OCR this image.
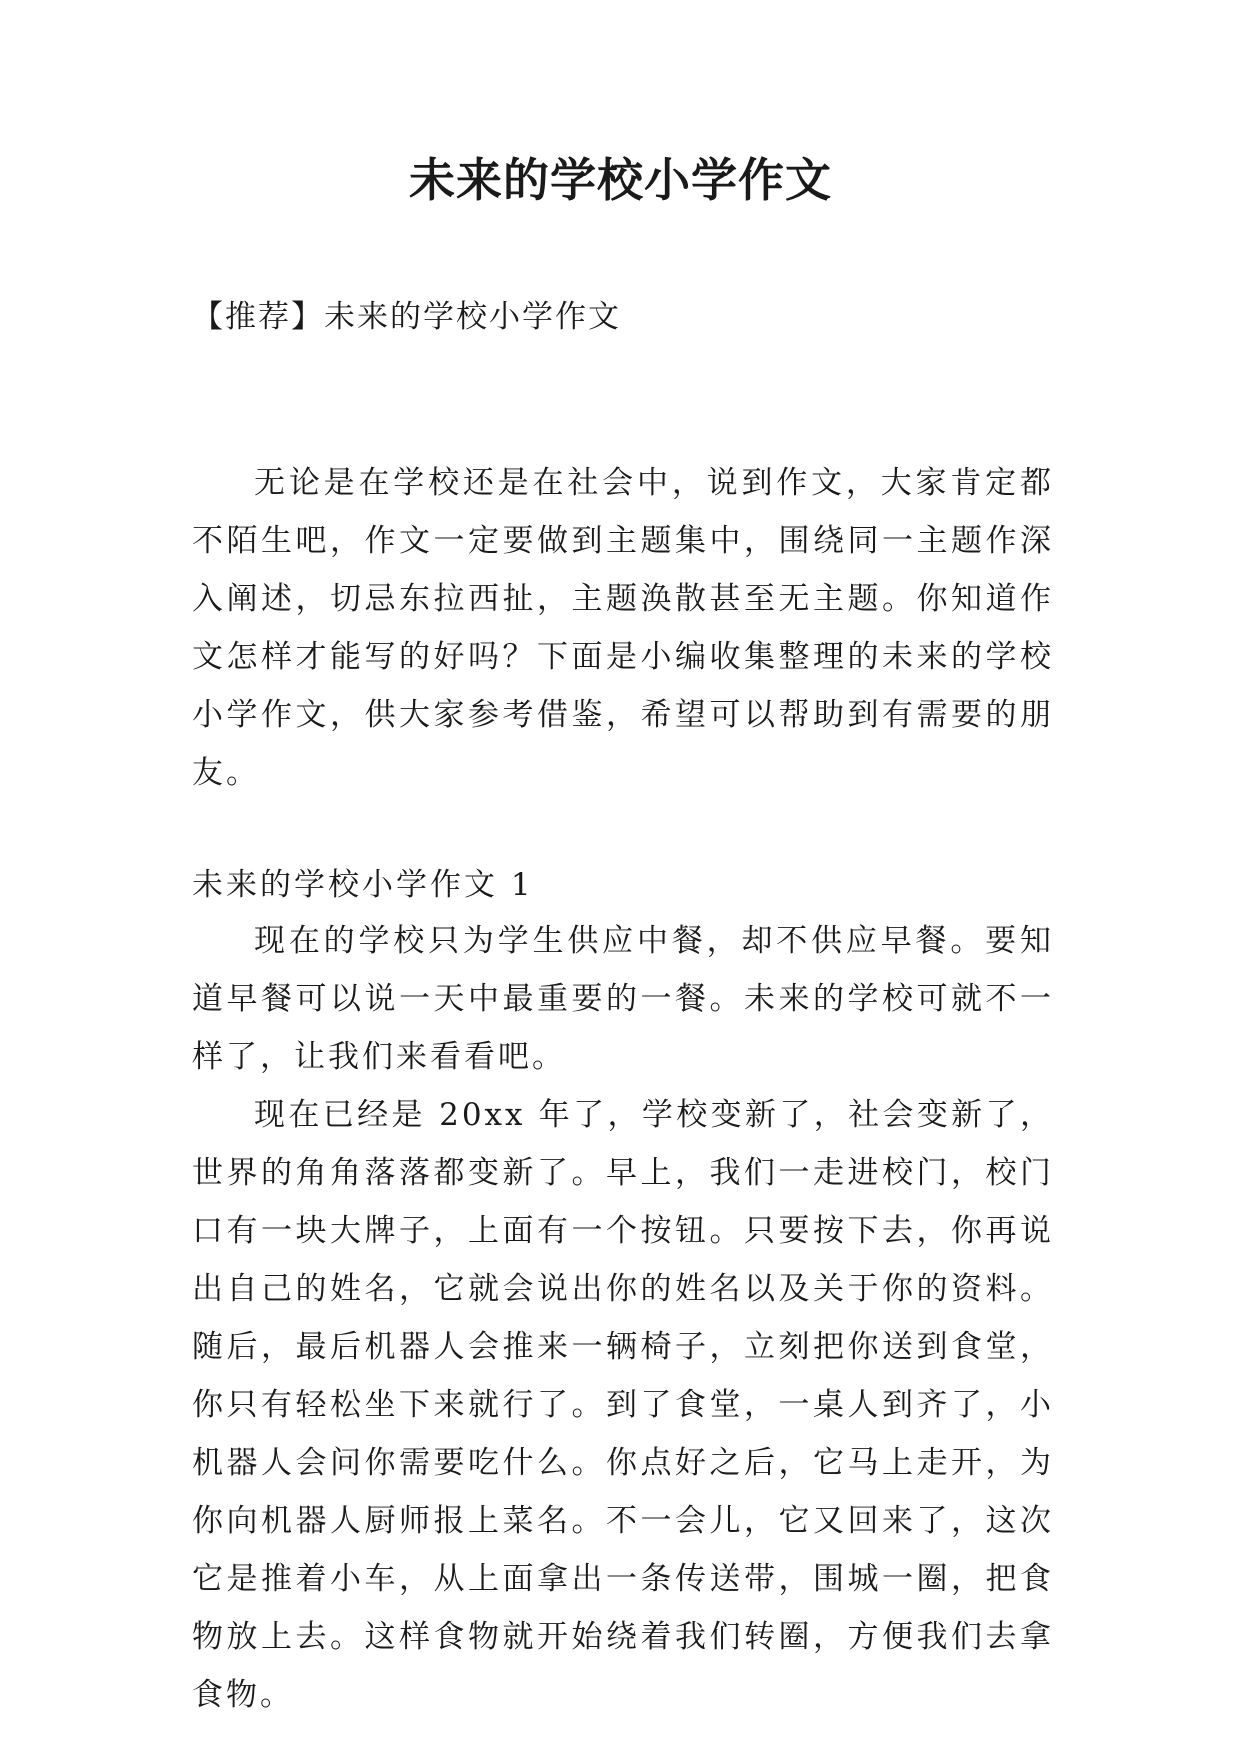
未来的学校小学作文

【推荐】未来的学校小学作文

无论是在学校还是在社会中，说到作文，大家肯定都不陌生吧，作文一定要做到主题集中，围绕同一主题作深入阐述，切忌东拉西扯，主题涣散甚至无主题。你知道作文怎样才能写的好吗？下面是小编收集整理的未来的学校小学作文，供大家参考借鉴，希望可以帮助到有需要的朋友。

未来的学校小学作文 1

现在的学校只为学生供应中餐，却不供应早餐。要知道早餐可以说一天中最重要的一餐。未来的学校可就不一样了，让我们来看看吧。

现在已经是 20xx 年了，学校变新了，社会变新了，世界的角角落落都变新了。早上，我们一走进校门，校门口有一块大牌子，上面有一个按钮。只要按下去，你再说出自己的姓名，它就会说出你的姓名以及关于你的资料。随后，最后机器人会推来一辆椅子，立刻把你送到食堂，你只有轻松坐下来就行了。到了食堂，一桌人到齐了，小机器人会问你需要吃什么。你点好之后，它马上走开，为你向机器人厨师报上菜名。不一会儿，它又回来了，这次它是推着小车，从上面拿出一条传送带，围城一圈，把食物放上去。这样食物就开始绕着我们转圈，方便我们去拿食物。
